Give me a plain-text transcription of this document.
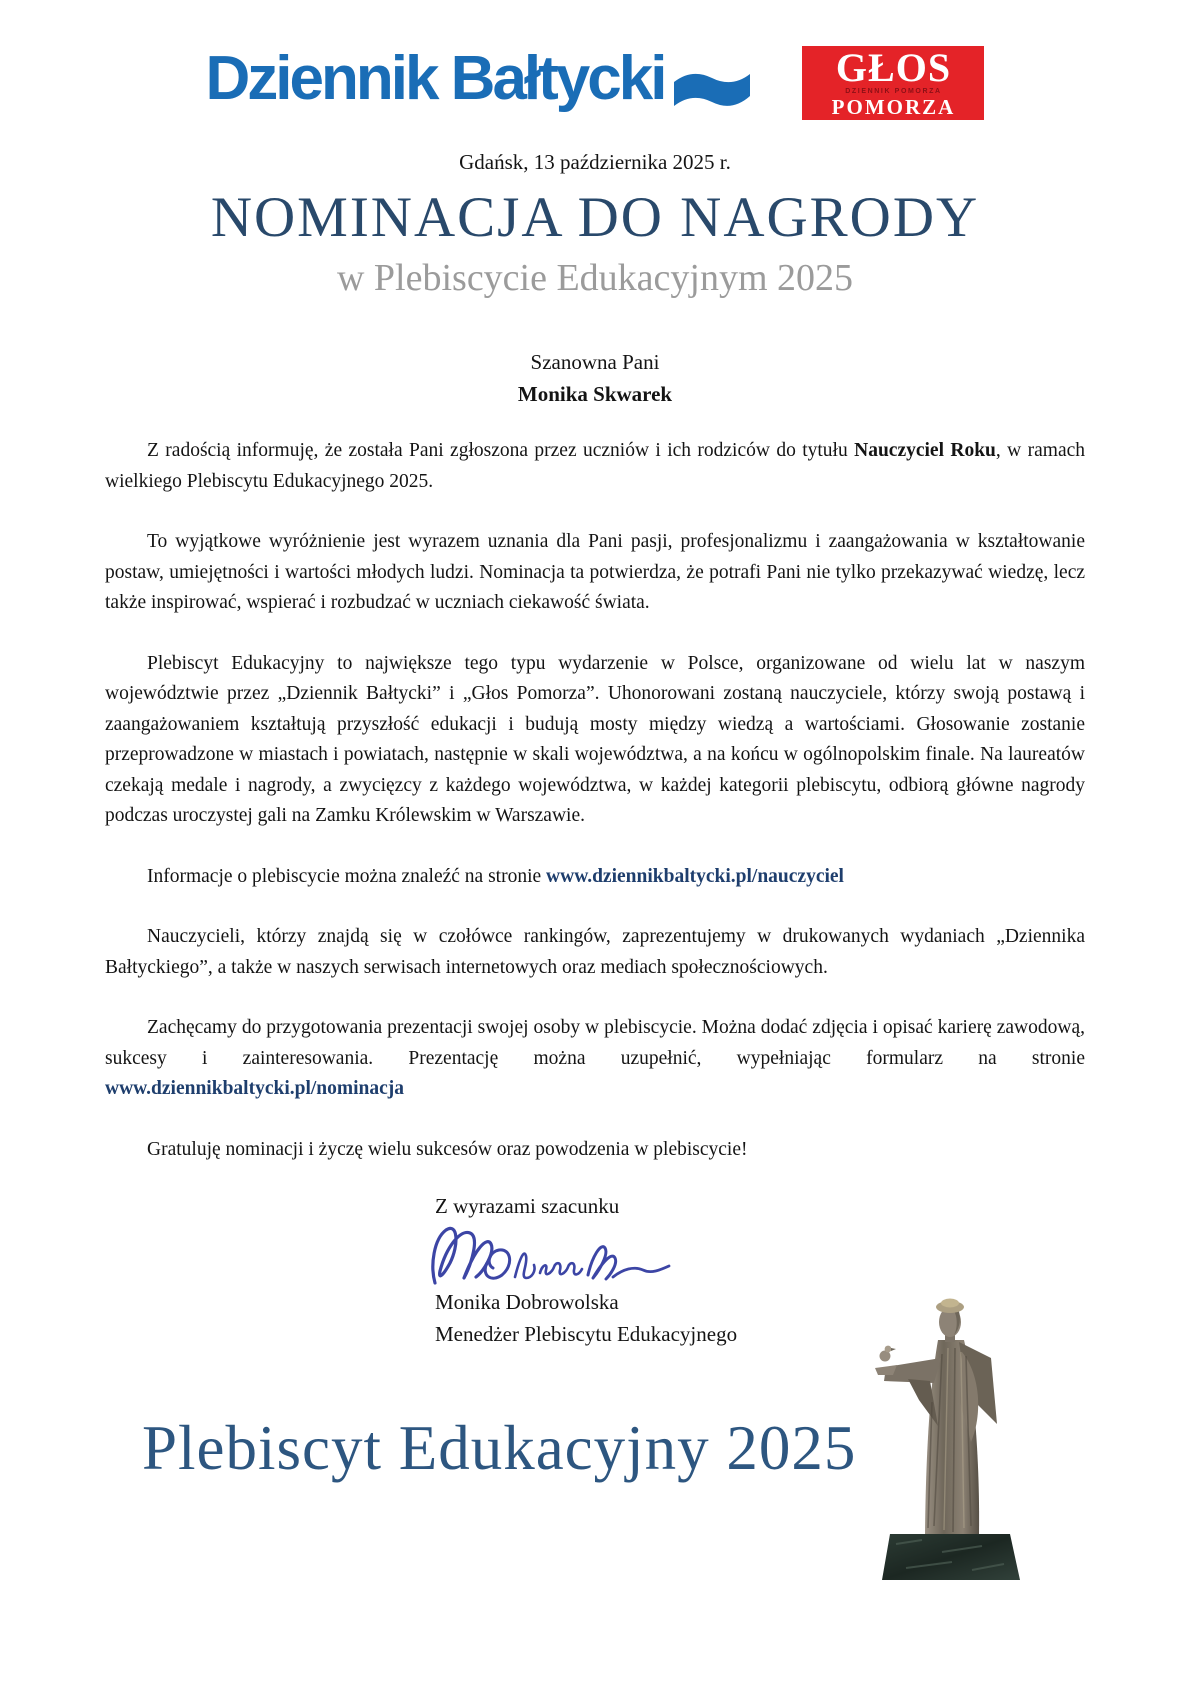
Dziennik Bałtycki	GŁOS
DZIENNIK POMORZA
POMORZA
Gdańsk, 13 października 2025 r.
NOMINACJA DO NAGRODY
w Plebiscycie Edukacyjnym 2025
Szanowna Pani
Monika Skwarek

Z radością informuję, że została Pani zgłoszona przez uczniów i ich rodziców do tytułu Nauczyciel Roku, w ramach wielkiego Plebiscytu Edukacyjnego 2025.

To wyjątkowe wyróżnienie jest wyrazem uznania dla Pani pasji, profesjonalizmu i zaangażowania w kształtowanie postaw, umiejętności i wartości młodych ludzi. Nominacja ta potwierdza, że potrafi Pani nie tylko przekazywać wiedzę, lecz także inspirować, wspierać i rozbudzać w uczniach ciekawość świata.

Plebiscyt Edukacyjny to największe tego typu wydarzenie w Polsce, organizowane od wielu lat w naszym województwie przez „Dziennik Bałtycki” i „Głos Pomorza”. Uhonorowani zostaną nauczyciele, którzy swoją postawą i zaangażowaniem kształtują przyszłość edukacji i budują mosty między wiedzą a wartościami. Głosowanie zostanie przeprowadzone w miastach i powiatach, następnie w skali województwa, a na końcu w ogólnopolskim finale. Na laureatów czekają medale i nagrody, a zwycięzcy z każdego województwa, w każdej kategorii plebiscytu, odbiorą główne nagrody podczas uroczystej gali na Zamku Królewskim w Warszawie.

Informacje o plebiscycie można znaleźć na stronie www.dziennikbaltycki.pl/nauczyciel

Nauczycieli, którzy znajdą się w czołówce rankingów, zaprezentujemy w drukowanych wydaniach „Dziennika Bałtyckiego”, a także w naszych serwisach internetowych oraz mediach społecznościowych.

Zachęcamy do przygotowania prezentacji swojej osoby w plebiscycie. Można dodać zdjęcia i opisać karierę zawodową, sukcesy i zainteresowania. Prezentację można uzupełnić, wypełniając formularz na stronie www.dziennikbaltycki.pl/nominacja

Gratuluję nominacji i życzę wielu sukcesów oraz powodzenia w plebiscycie!

Z wyrazami szacunku
Monika Dobrowolska
Menedżer Plebiscytu Edukacyjnego
Plebiscyt Edukacyjny 2025
